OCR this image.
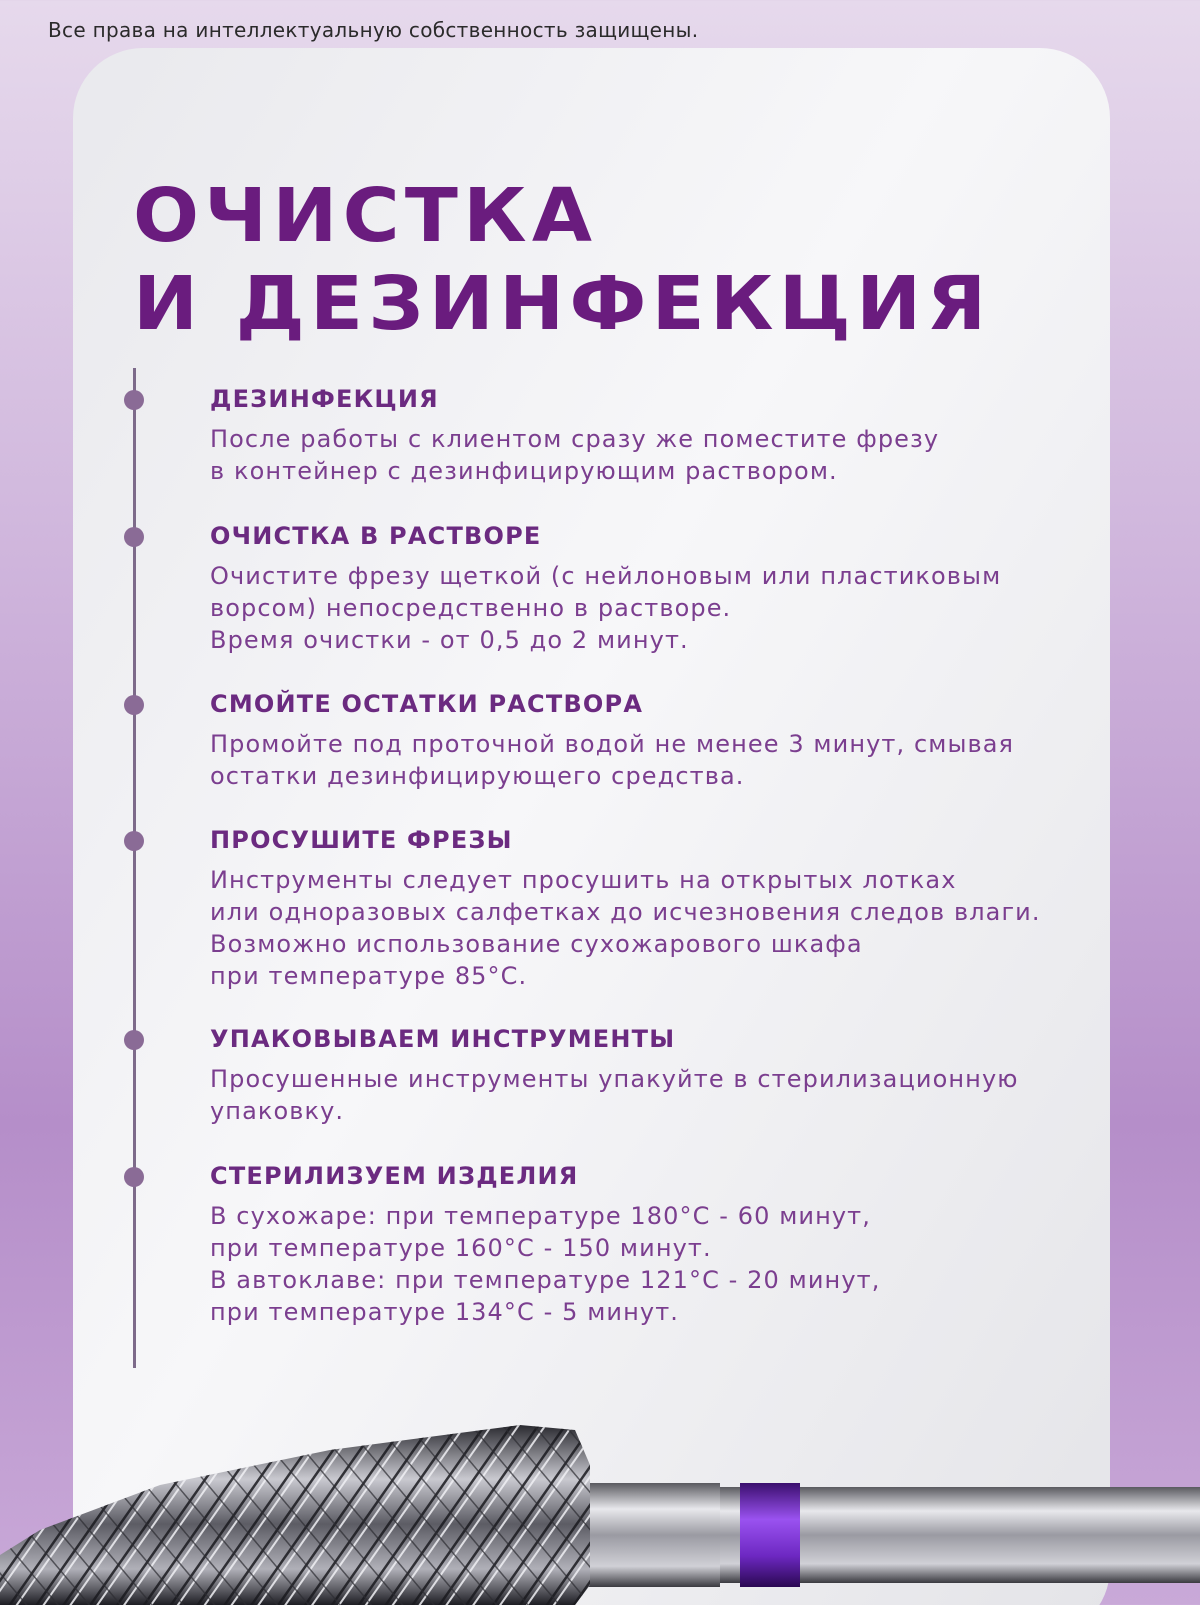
Все права на интеллектуальную собственность защищены.
ОЧИСТКА
И ДЕЗИНФЕКЦИЯ
ДЕЗИНФЕКЦИЯ
После работы с клиентом сразу же поместите фрезу
в контейнер с дезинфицирующим раствором.
ОЧИСТКА В РАСТВОРЕ
Очистите фрезу щеткой (с нейлоновым или пластиковым
ворсом) непосредственно в растворе.
Время очистки - от 0,5 до 2 минут.
СМОЙТЕ ОСТАТКИ РАСТВОРА
Промойте под проточной водой не менее 3 минут, смывая
остатки дезинфицирующего средства.
ПРОСУШИТЕ ФРЕЗЫ
Инструменты следует просушить на открытых лотках
или одноразовых салфетках до исчезновения следов влаги.
Возможно использование сухожарового шкафа
при температуре 85°C.
УПАКОВЫВАЕМ ИНСТРУМЕНТЫ
Просушенные инструменты упакуйте в стерилизационную
упаковку.
СТЕРИЛИЗУЕМ ИЗДЕЛИЯ
В сухожаре: при температуре 180°C - 60 минут,
при температуре 160°C - 150 минут.
В автоклаве: при температуре 121°C - 20 минут,
при температуре 134°C - 5 минут.
